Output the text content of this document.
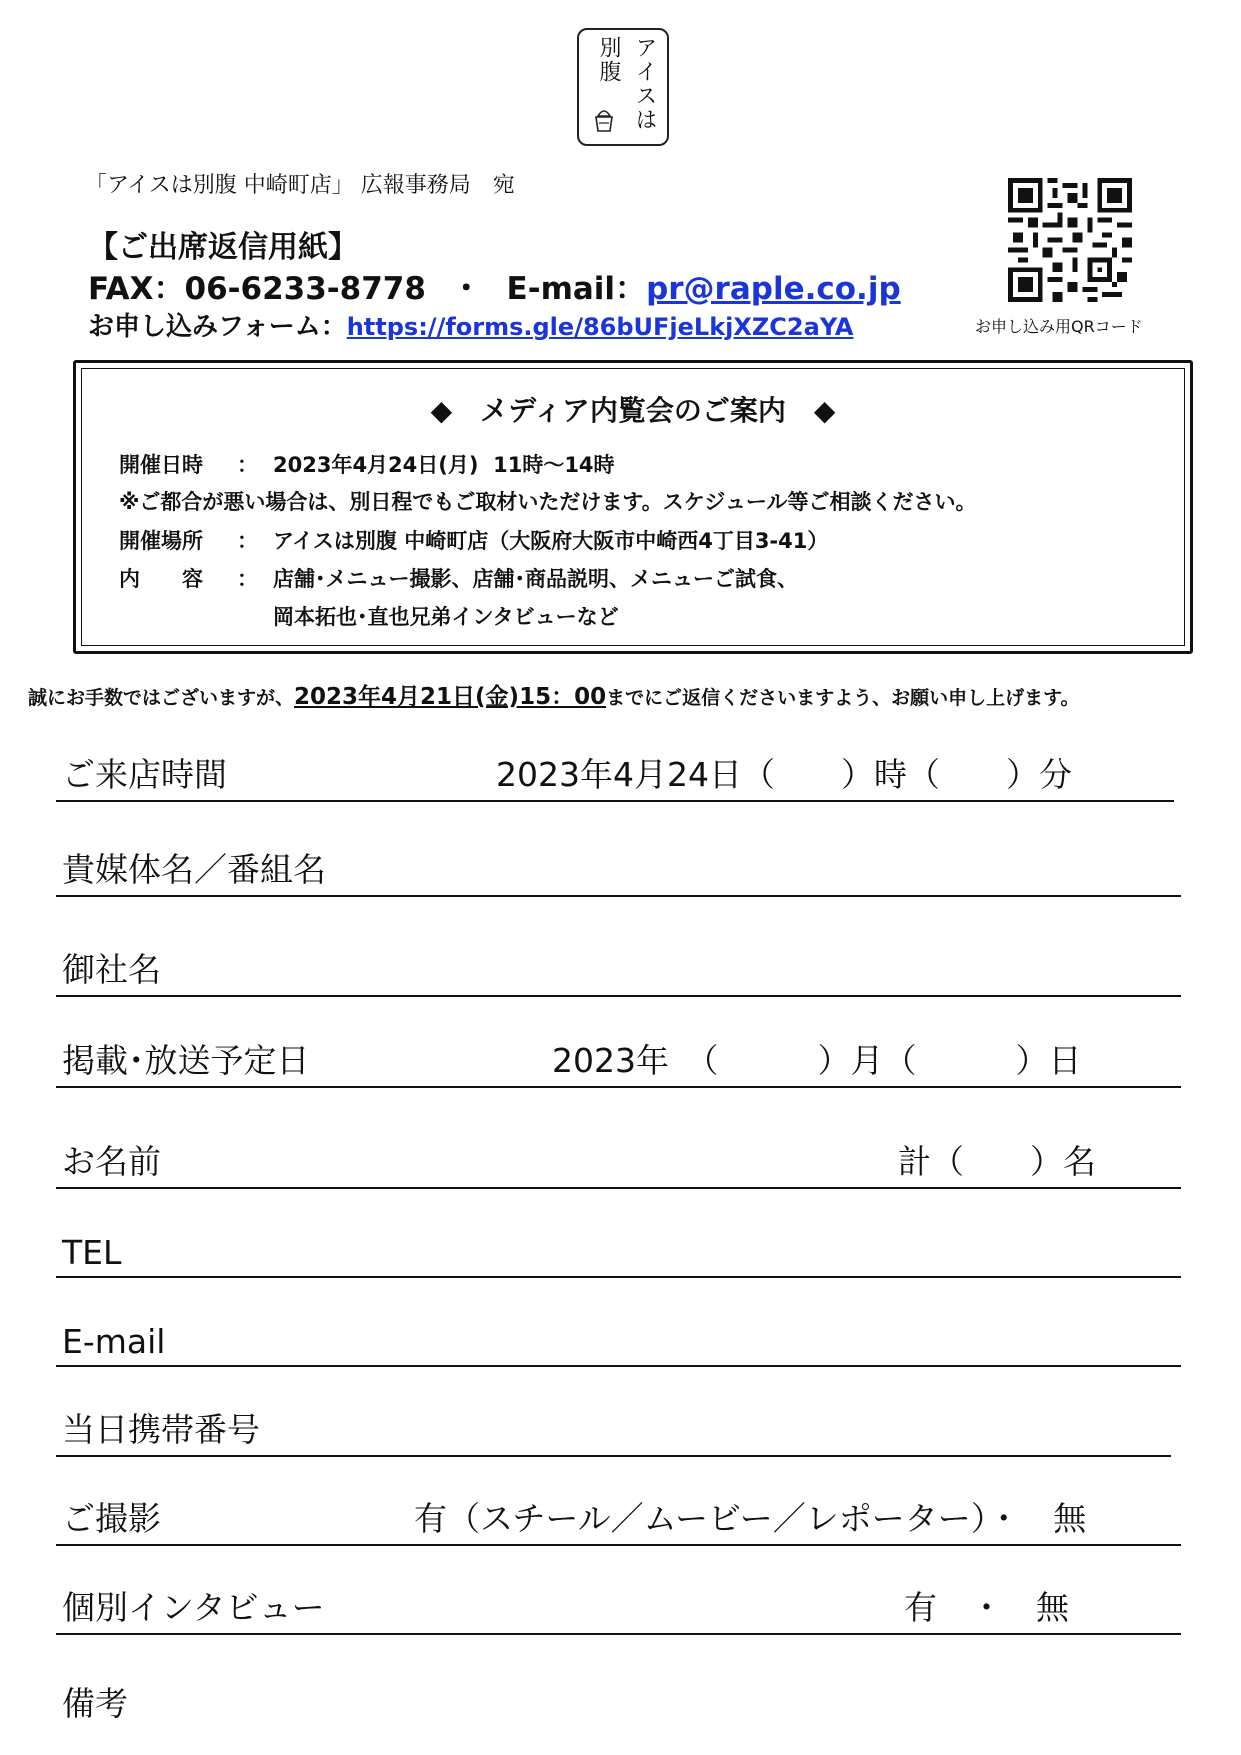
アイスは
別腹
「アイスは別腹 中崎町店」 広報事務局　宛
【ご出席返信用紙】
FAX：06-6233-8778 ・ E-mail：pr@raple.co.jp
お申し込みフォーム：https://forms.gle/86bUFjeLkjXZC2aYA	お申し込み用QRコード
◆　メディア内覧会のご案内　◆
開催日時 ： 2023年4月24日(月)  11時～14時
※ご都合が悪い場合は、別日程でもご取材いただけます。スケジュール等ご相談ください。
開催場所 ： アイスは別腹 中崎町店（大阪府大阪市中崎西4丁目3-41）
内　　容 ： 店舗･メニュー撮影、店舗･商品説明、メニューご試食、
岡本拓也･直也兄弟インタビューなど
誠にお手数ではございますが、2023年4月21日(金)15：00までにご返信くださいますよう、お願い申し上げます。
ご来店時間	2023年4月24日（　　）時（　　）分
貴媒体名／番組名
御社名
掲載･放送予定日	2023年　（　　　）月（　　　）日
お名前	計（　　）名
TEL
E-mail
当日携帯番号
ご撮影	有（スチール／ムービー／レポーター）・　無
個別インタビュー	有　・　無
備考
